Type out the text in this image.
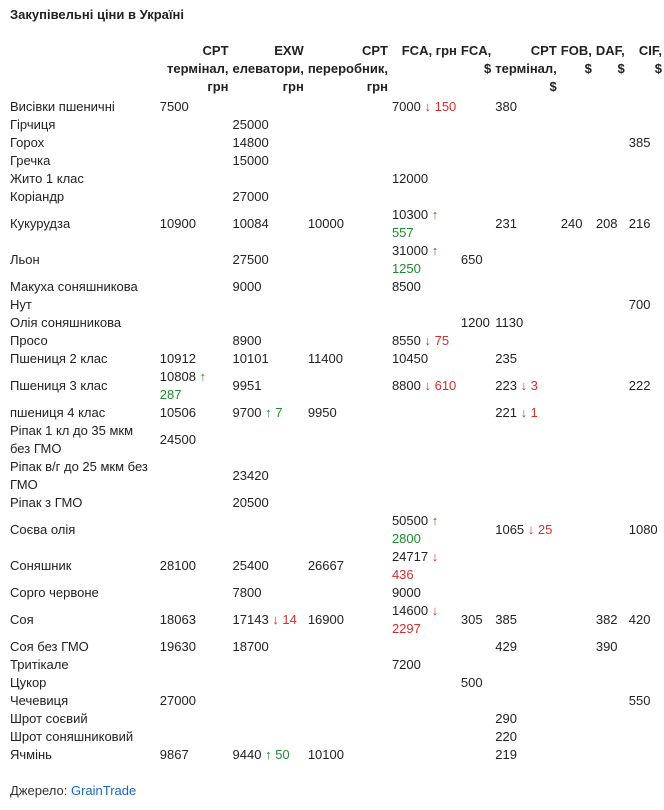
Закупівельні ціни в Україні
	CPT термінал, грн	EXW елеватори, грн	CPT переробник, грн	FCA, грн	FCA, $	CPT термінал, $	FOB, $	DAF, $	CIF, $
Висівки пшеничні	7500			7000 ↓ 150		380			
Гірчиця		25000							
Горох		14800							385
Гречка		15000							
Жито 1 клас				12000					
Коріандр		27000							
Кукурудза	10900	10084	10000	10300 ↑ 557		231	240	208	216
Льон		27500		31000 ↑ 1250	650				
Макуха соняшникова		9000		8500					
Нут									700
Олія соняшникова					1200	1130			
Просо		8900		8550 ↓ 75					
Пшениця 2 клас	10912	10101	11400	10450		235			
Пшениця 3 клас	10808 ↑ 287	9951		8800 ↓ 610		223 ↓ 3			222
пшениця 4 клас	10506	9700 ↑ 7	9950			221 ↓ 1			
Ріпак 1 кл до 35 мкм без ГМО	24500								
Ріпак в/г до 25 мкм без ГМО		23420							
Ріпак з ГМО		20500							
Соєва олія				50500 ↑ 2800		1065 ↓ 25			1080
Соняшник	28100	25400	26667	24717 ↓ 436					
Сорго червоне		7800		9000					
Соя	18063	17143 ↓ 14	16900	14600 ↓ 2297	305	385		382	420
Соя без ГМО	19630	18700				429		390	
Тритікале				7200					
Цукор					500				
Чечевиця	27000								550
Шрот соєвий						290			
Шрот соняшниковий						220			
Ячмінь	9867	9440 ↑ 50	10100			219			
Джерело: GrainTrade
